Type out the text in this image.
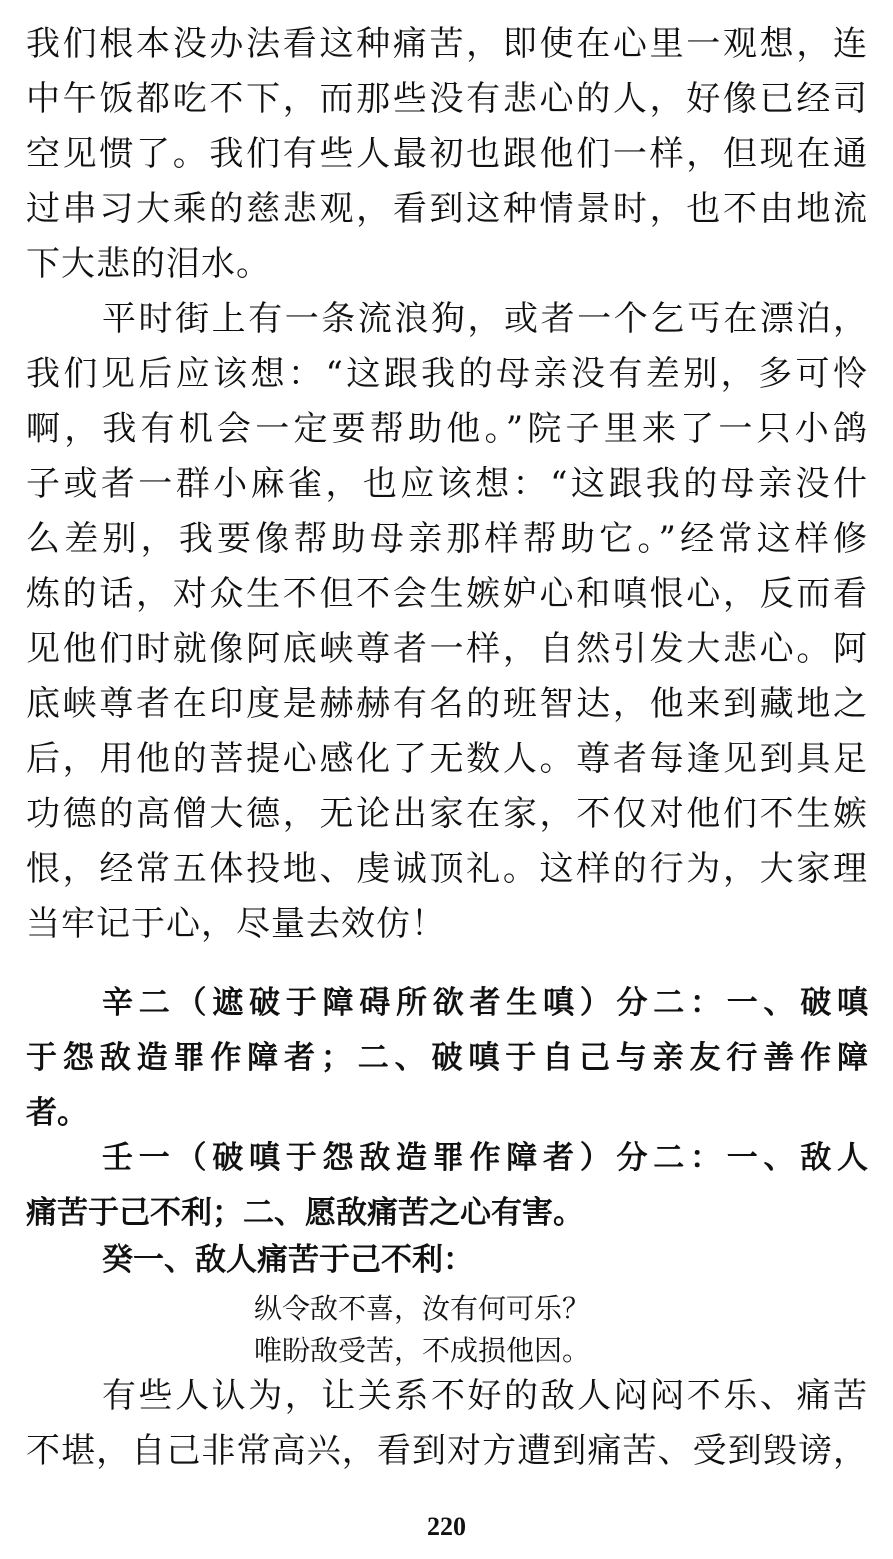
我们根本没办法看这种痛苦，即使在心里一观想，连
中午饭都吃不下，而那些没有悲心的人，好像已经司
空见惯了。我们有些人最初也跟他们一样，但现在通
过串习大乘的慈悲观，看到这种情景时，也不由地流
下大悲的泪水。
平时街上有一条流浪狗，或者一个乞丐在漂泊，
我们见后应该想：“这跟我的母亲没有差别，多可怜
啊，我有机会一定要帮助他。”院子里来了一只小鸽
子或者一群小麻雀，也应该想：“这跟我的母亲没什
么差别，我要像帮助母亲那样帮助它。”经常这样修
炼的话，对众生不但不会生嫉妒心和嗔恨心，反而看
见他们时就像阿底峡尊者一样，自然引发大悲心。阿
底峡尊者在印度是赫赫有名的班智达，他来到藏地之
后，用他的菩提心感化了无数人。尊者每逢见到具足
功德的高僧大德，无论出家在家，不仅对他们不生嫉
恨，经常五体投地、虔诚顶礼。这样的行为，大家理
当牢记于心，尽量去效仿！
辛二（遮破于障碍所欲者生嗔）分二：一、破嗔
于怨敌造罪作障者；二、破嗔于自己与亲友行善作障
者。
壬一（破嗔于怨敌造罪作障者）分二：一、敌人
痛苦于己不利；二、愿敌痛苦之心有害。
癸一、敌人痛苦于己不利：
纵令敌不喜，汝有何可乐？
唯盼敌受苦，不成损他因。
有些人认为，让关系不好的敌人闷闷不乐、痛苦
不堪，自己非常高兴，看到对方遭到痛苦、受到毁谤，
220
